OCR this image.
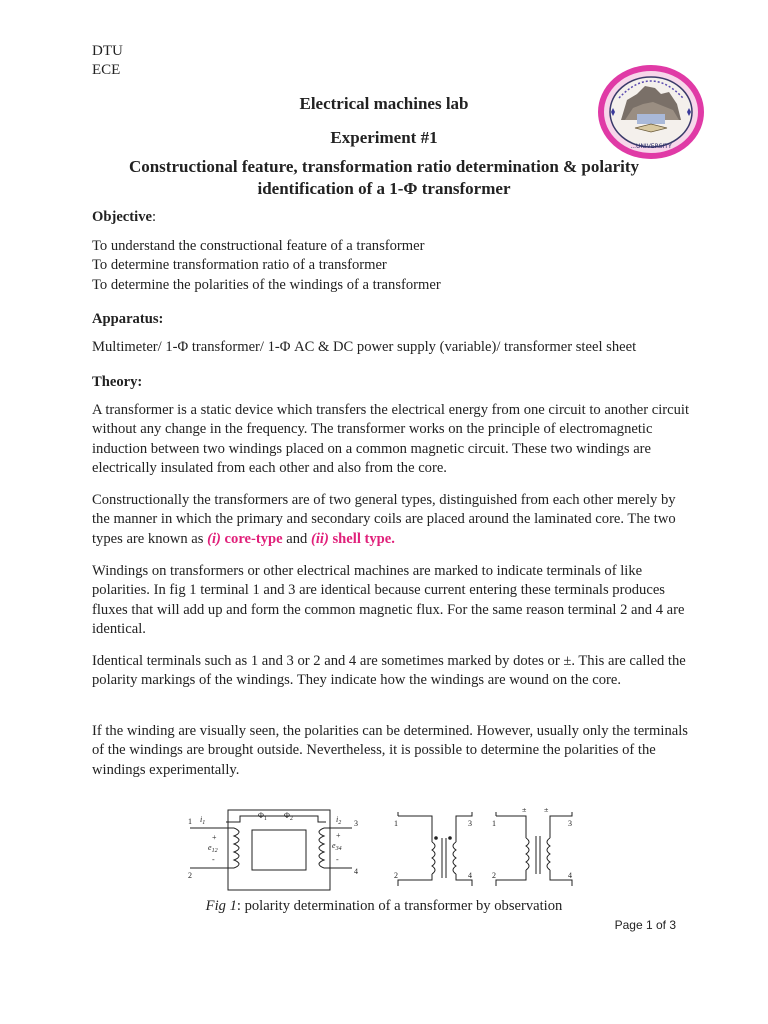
DTU
ECE
...UNIVERSITY
Electrical machines lab
Experiment #1
Constructional feature, transformation ratio determination & polarity
identification of a 1-Φ transformer
Objective:
To understand the constructional feature of a transformer
To determine transformation ratio of a transformer
To determine the polarities of the windings of a transformer
Apparatus:
Multimeter/ 1-Φ transformer/ 1-Φ AC & DC power supply (variable)/ transformer steel sheet
Theory:

A transformer is a static device which transfers the electrical energy from one circuit to another circuit without any change in the frequency. The transformer works on the principle of electromagnetic induction between two windings placed on a common magnetic circuit. These two windings are electrically insulated from each other and also from the core.

Constructionally the transformers are of two general types, distinguished from each other merely by the manner in which the primary and secondary coils are placed around the laminated core. The two types are known as (i) core-type and (ii) shell type.

Windings on transformers or other electrical machines are marked to indicate terminals of like polarities. In fig 1 terminal 1 and 3 are identical because current entering these terminals produces fluxes that will add up and form the common magnetic flux. For the same reason terminal 2 and 4 are identical.

Identical terminals such as 1 and 3 or 2 and 4 are sometimes marked by dotes or ±. This are called the polarity markings of the windings. They indicate how the windings are wound on the core.

If the winding are visually seen, the polarities can be determined. However, usually only the terminals of the windings are brought outside. Nevertheless, it is possible to determine the polarities of the windings experimentally.

1 $i_1$
2
+
$e_{12}$
-
$\Phi_1$ $\Phi_2$	$i_2$ 3
+
$e_{34}$
-
4
1	3
2	4
± ±
1	3
2	4
Fig 1: polarity determination of a transformer by observation
Page 1 of 3
